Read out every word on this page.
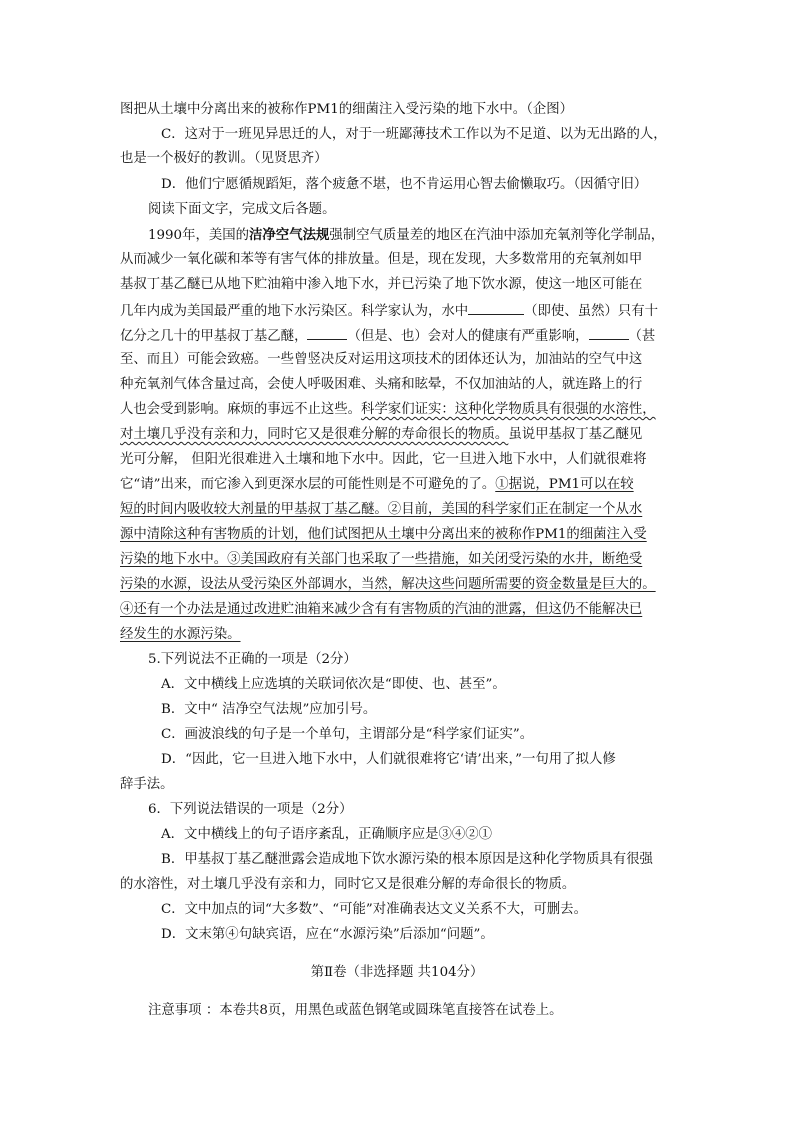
图把从土壤中分离出来的被称作PM1的细菌注入受污染的地下水中。（企图）
C．这对于一班见异思迁的人，对于一班鄙薄技术工作以为不足道、以为无出路的人，
也是一个极好的教训。（见贤思齐）
D．他们宁愿循规蹈矩，落个疲惫不堪，也不肯运用心智去偷懒取巧。（因循守旧）
阅读下面文字，完成文后各题。
1990年，美国的洁净空气法规强制空气质量差的地区在汽油中添加充氧剂等化学制品，
从而减少一氧化碳和苯等有害气体的排放量。但是，现在发现，大多数常用的充氧剂如甲
基叔丁基乙醚已从地下贮油箱中渗入地下水，并已污染了地下饮水源，使这一地区可能在
几年内成为美国最严重的地下水污染区。科学家认为，水中	（即使、虽然）只有十
亿分之几十的甲基叔丁基乙醚，	（但是、也）会对人的健康有严重影响，	（甚
至、而且）可能会致癌。一些曾竖决反对运用这项技术的团体还认为，加油站的空气中这
种充氧剂气体含量过高，会使人呼吸困难、头痛和眩晕，不仅加油站的人，就连路上的行
人也会受到影响。麻烦的事远不止这些。科学家们证实：这种化学物质具有很强的水溶性，
对土壤几乎没有亲和力，同时它又是很难分解的寿命很长的物质。虽说甲基叔丁基乙醚见
光可分解， 但阳光很难进入土壤和地下水中。因此，它一旦进入地下水中，人们就很难将
它“请”出来，而它渗入到更深水层的可能性则是不可避免的了。①据说，PM1可以在较
短的时间内吸收较大剂量的甲基叔丁基乙醚。②目前，美国的科学家们正在制定一个从水
源中清除这种有害物质的计划，他们试图把从土壤中分离出来的被称作PM1的细菌注入受
污染的地下水中。③美国政府有关部门也采取了一些措施，如关闭受污染的水井，断绝受
污染的水源，设法从受污染区外部调水，当然，解决这些问题所需要的资金数量是巨大的。
④还有一个办法是通过改进贮油箱来减少含有有害物质的汽油的泄露，但这仍不能解决已
经发生的水源污染。
5.下列说法不正确的一项是（2分）
A．文中横线上应选填的关联词依次是“即使、也、甚至”。
B．文中“ 洁净空气法规”应加引号。
C．画波浪线的句子是一个单句，主谓部分是“科学家们证实”。
D．“因此，它一旦进入地下水中，人们就很难将它‘请’出来，”一句用了拟人修
辞手法。
6．下列说法错误的一项是（2分）
A．文中横线上的句子语序紊乱，正确顺序应是③④②①
B．甲基叔丁基乙醚泄露会造成地下饮水源污染的根本原因是这种化学物质具有很强
的水溶性，对土壤几乎没有亲和力，同时它又是很难分解的寿命很长的物质。
C．文中加点的词“大多数”、“可能”对准确表达文义关系不大，可删去。
D．文末第④句缺宾语，应在“水源污染”后添加“问题”。
第Ⅱ卷（非选择题 共104分）
注意事项 ：本卷共8页，用黑色或蓝色钢笔或圆珠笔直接答在试卷上。
